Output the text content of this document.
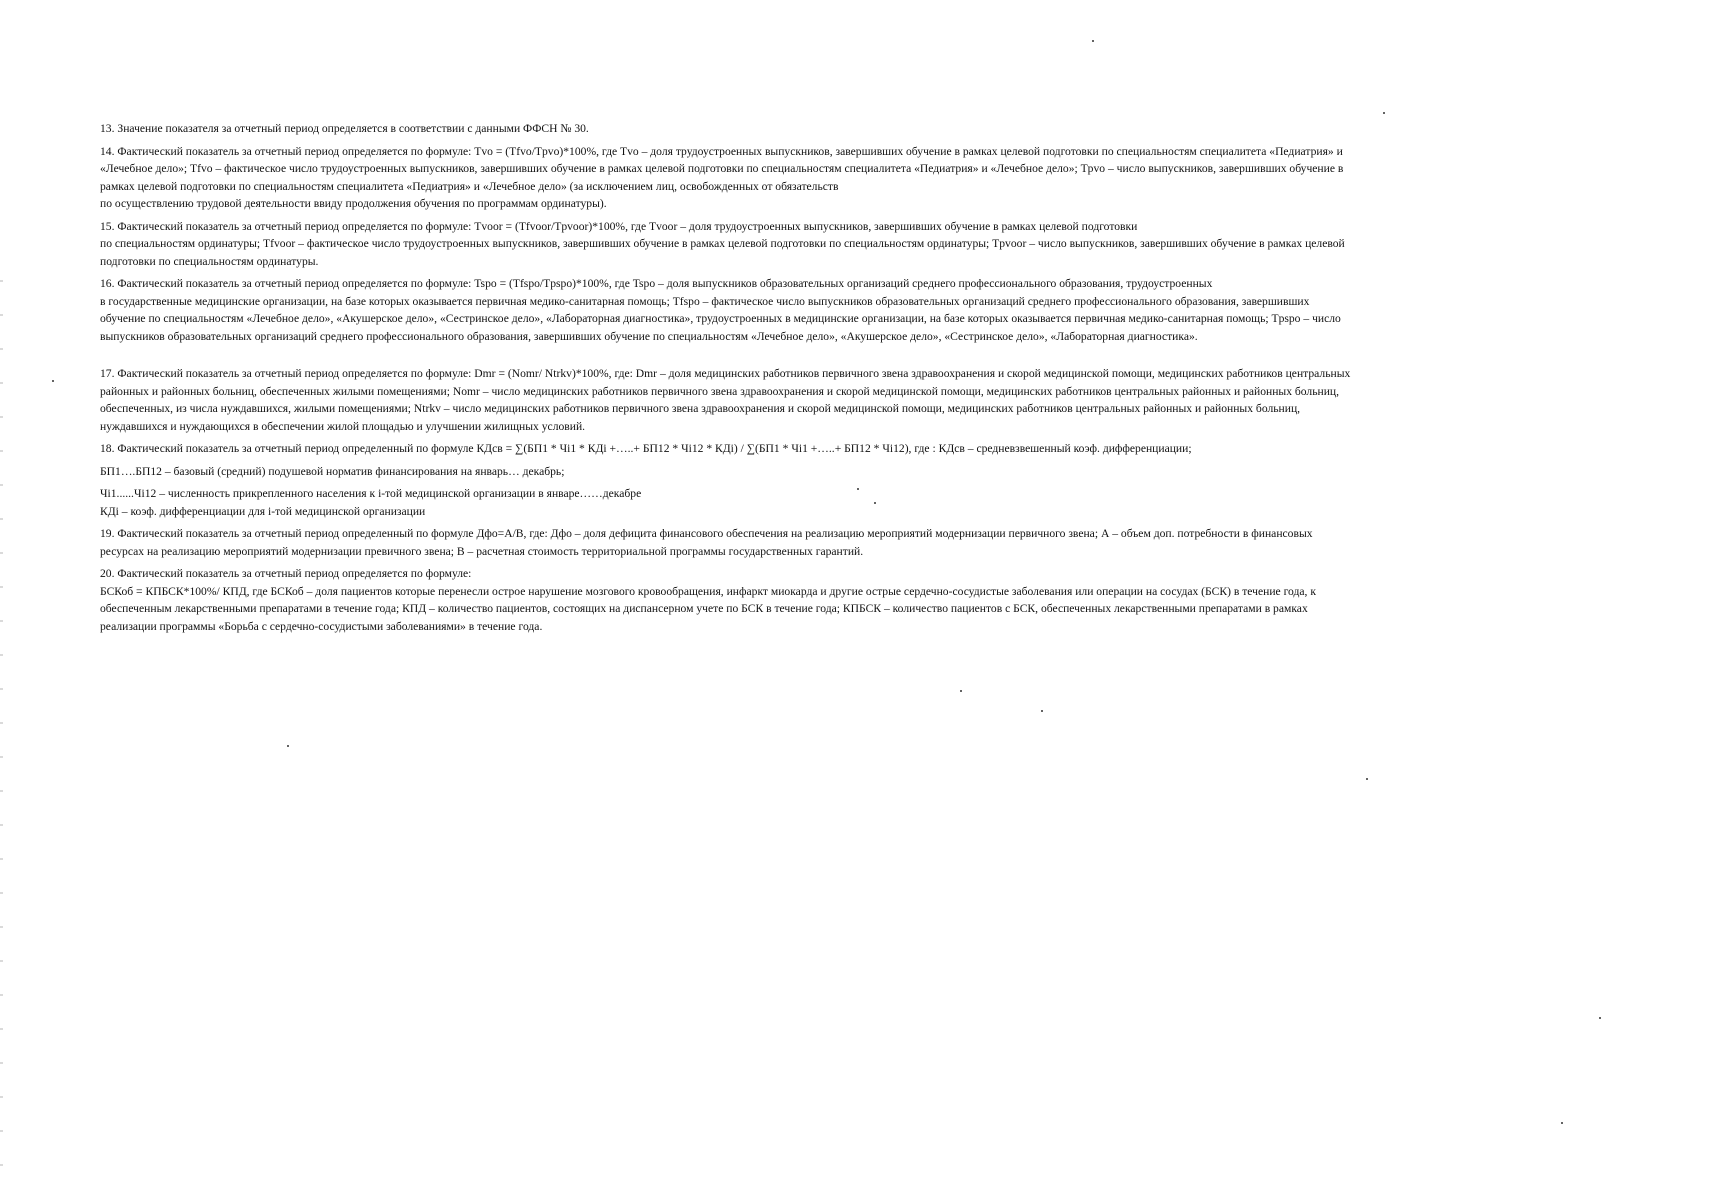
13. Значение показателя за отчетный период определяется в соответствии с данными ФФСН № 30.
14. Фактический показатель за отчетный период определяется по формуле: Tvo = (Tfvo/Tpvo)*100%, где Tvo – доля трудоустроенных выпускников, завершивших обучение в рамках целевой подготовки по специальностям специалитета «Педиатрия» и
«Лечебное дело»; Tfvo – фактическое число трудоустроенных выпускников, завершивших обучение в рамках целевой подготовки по специальностям специалитета «Педиатрия» и «Лечебное дело»; Tpvo – число выпускников, завершивших обучение в
рамках целевой подготовки по специальностям специалитета «Педиатрия» и «Лечебное дело» (за исключением лиц, освобожденных от обязательств
по осуществлению трудовой деятельности ввиду продолжения обучения по программам ординатуры).
15. Фактический показатель за отчетный период определяется по формуле: Tvoor = (Tfvoor/Tpvoor)*100%, где Tvoor – доля трудоустроенных выпускников, завершивших обучение в рамках целевой подготовки
по специальностям ординатуры; Tfvoor – фактическое число трудоустроенных выпускников, завершивших обучение в рамках целевой подготовки по специальностям ординатуры; Tpvoor – число выпускников, завершивших обучение в рамках целевой
подготовки по специальностям ординатуры.
16. Фактический показатель за отчетный период определяется по формуле: Tspo = (Tfspo/Tpspo)*100%, где Tspo – доля выпускников образовательных организаций среднего профессионального образования, трудоустроенных
в государственные медицинские организации, на базе которых оказывается первичная медико-санитарная помощь; Tfspo – фактическое число выпускников образовательных организаций среднего профессионального образования, завершивших
обучение по специальностям «Лечебное дело», «Акушерское дело», «Сестринское дело», «Лабораторная диагностика», трудоустроенных в медицинские организации, на базе которых оказывается первичная медико-санитарная помощь; Tpspo – число
выпускников образовательных организаций среднего профессионального образования, завершивших обучение по специальностям «Лечебное дело», «Акушерское дело», «Сестринское дело», «Лабораторная диагностика».
17. Фактический показатель за отчетный период определяется по формуле: Dmr = (Nomr/ Ntrkv)*100%, где: Dmr – доля медицинских работников первичного звена здравоохранения и скорой медицинской помощи, медицинских работников центральных
районных и районных больниц, обеспеченных жилыми помещениями; Nomr – число медицинских работников первичного звена здравоохранения и скорой медицинской помощи, медицинских работников центральных районных и районных больниц,
обеспеченных, из числа нуждавшихся, жилыми помещениями; Ntrkv – число медицинских работников первичного звена здравоохранения и скорой медицинской помощи, медицинских работников центральных районных и районных больниц,
нуждавшихся и нуждающихся в обеспечении жилой площадью и улучшении жилищных условий.
18. Фактический показатель за отчетный период определенный по формуле КДсв = ∑(БП1 * Чi1 * КДi +…..+ БП12 * Чi12 * КДi) / ∑(БП1 * Чi1 +…..+ БП12 * Чi12), где : КДсв – средневзвешенный коэф. дифференциации;
БП1….БП12 – базовый (средний) подушевой норматив финансирования на январь… декабрь;
Чi1......Чi12 – численность прикрепленного населения к i-той медицинской организации в январе……декабре
КДi – коэф. дифференциации для i-той медицинской организации
19. Фактический показатель за отчетный период определенный по формуле Дфо=A/B, где: Дфо – доля дефицита финансового обеспечения на реализацию мероприятий модернизации первичного звена; А – объем доп. потребности в финансовых
ресурсах на реализацию мероприятий модернизации превичного звена; B – расчетная стоимость территориальной программы государственных гарантий.
20. Фактический показатель за отчетный период определяется по формуле:
БСКоб = КПБСК*100%/ КПД, где БСКоб – доля пациентов которые перенесли острое нарушение мозгового кровообращения, инфаркт миокарда и другие острые сердечно-сосудистые заболевания или операции на сосудах (БСК) в течение года, к
обеспеченным лекарственными препаратами в течение года; КПД – количество пациентов, состоящих на диспансерном учете по БСК в течение года; КПБСК – количество пациентов с БСК, обеспеченных лекарственными препаратами в рамках
реализации программы «Борьба с сердечно-сосудистыми заболеваниями» в течение года.
